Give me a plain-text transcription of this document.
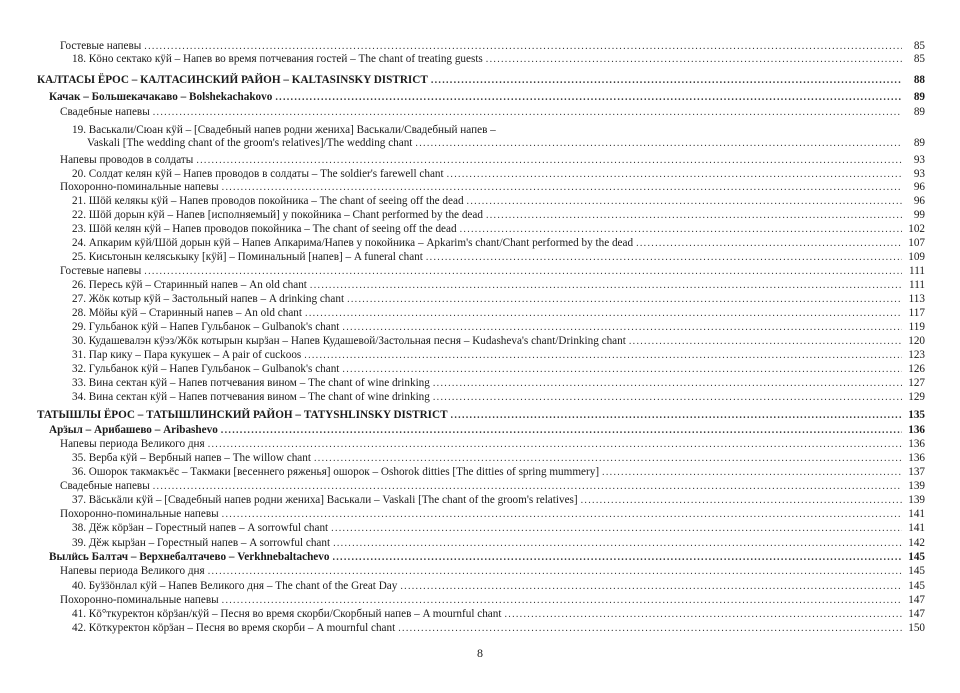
Гостевые напевы .....	85
18. Кӧно сектако кӱй – Напев во время потчевания гостей – The chant of treating guests .....	85
КАЛТАСЫ ЁРОС – КАЛТАСИНСКИЙ РАЙОН – KALTASINSKY DISTRICT .....	88
Качак – Большекачакаво – Bolshekachakovo .....	89
Свадебные напевы .....	89
19. Васькали/Сюан кӱй – [Свадебный напев родни жениха] Васькали/Свадебный напев –
Vaskali [The wedding chant of the groom's relatives]/The wedding chant .....	89
Напевы проводов в солдаты .....	93
20. Солдат келян кӱй – Напев проводов в солдаты – The soldier's farewell chant .....	93
Похоронно-поминальные напевы .....	96
21. Шӧй келякы кӱй – Напев проводов покойника – The chant of seeing off the dead .....	96
22. Шӧй дорын кӱй – Напев [исполняемый] у покойника – Chant performed by the dead .....	99
23. Шӧй келян кӱй – Напев проводов покойника – The chant of seeing off the dead .....	102
24. Апкарим кӱй/Шӧй дорын кӱй – Напев Апкарима/Напев у покойника – Apkarim's chant/Chant performed by the dead .....	107
25. Кисьтонын келяськыку [кӱй] – Поминальный [напев] – A funeral chant .....	109
Гостевые напевы .....	111
26. Пересь кӱй – Старинный напев – An old chant .....	111
27. Жӧк котыр кӱй – Застольный напев – A drinking chant .....	113
28. Мӧйы кӱй – Старинный напев – An old chant .....	117
29. Гульбанок кӱй – Напев Гульбанок – Gulbanok's chant .....	119
30. Кудашевалэн кӱэз/Жӧк котырын кырӟан – Напев Кудашевой/Застольная песня – Kudasheva's chant/Drinking chant .....	120
31. Пар кику – Пара кукушек – A pair of cuckoos .....	123
32. Гульбанок кӱй – Напев Гульбанок – Gulbanok's chant .....	126
33. Вина сектан кӱй – Напев потчевания вином – The chant of wine drinking .....	127
34. Вина сектан кӱй – Напев потчевания вином – The chant of wine drinking .....	129
ТАТЫШЛЫ ЁРОС – ТАТЫШЛИНСКИЙ РАЙОН – TATYSHLINSKY DISTRICT .....	135
Арӟыл – Арибашево – Aribashevo .....	136
Напевы периода Великого дня .....	136
35. Верба кӱй – Вербный напев – The willow chant .....	136
36. Ошорок такмакъёс – Такмаки [весеннего ряженья] ошорок – Oshorok ditties [The ditties of spring mummery] .....	137
Свадебные напевы .....	139
37. Вӓськӓли кӱй – [Свадебный напев родни жениха] Васькали – Vaskali [The chant of the groom's relatives] .....	139
Похоронно-поминальные напевы .....	141
38. Дӗж кӧрӟан – Горестный напев – A sorrowful chant .....	141
39. Дӗж кырӟан – Горестный напев – A sorrowful chant .....	142
Вылӥсь Балтач – Верхнебалтачево – Verkhnebaltachevo .....	145
Напевы периода Великого дня .....	145
40. Буӟӟӧнлал кӱй – Напев Великого дня – The chant of the Great Day .....	145
Похоронно-поминальные напевы .....	147
41. Кӧ°ткуректон кӧрӟан/кӱй – Песня во время скорби/Скорбный напев – A mournful chant .....	147
42. Кӧткуректон кӧрӟан – Песня во время скорби – A mournful chant .....	150
8
